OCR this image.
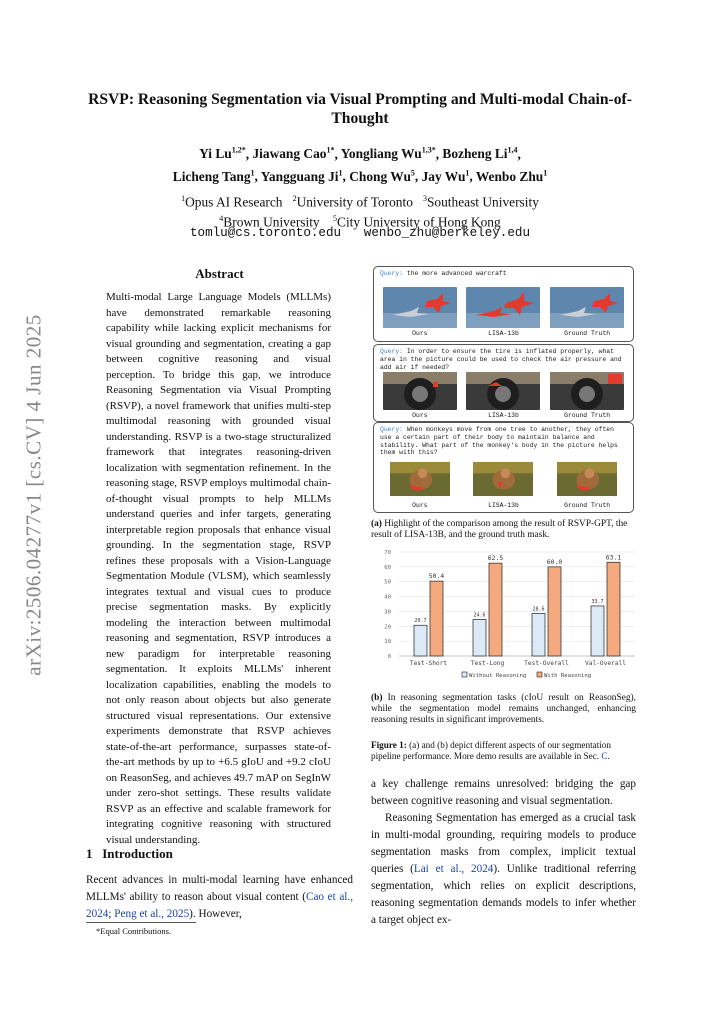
arXiv:2506.04277v1 [cs.CV] 4 Jun 2025
RSVP: Reasoning Segmentation via Visual Prompting and Multi-modal Chain-of-Thought
Yi $Lu^{1,2*}$, Jiawang Cao$^{1*}$, Yongliang $Wu^{1,3*}$, Bozheng Li$^{1,4}$,
Licheng Tang$^1$, Yangguang Ji$^1$, Chong Wu$^5$, Jay Wu$^1$, Wenbo Zhu$^1$
$^1$Opus AI Research $^2$University of Toronto $^3$Southeast University
$^4$Brown University $^5$City University of Hong Kong
tomlu@cs.toronto.edu   wenbo_zhu@berkeley.edu
Abstract
Multi-modal Large Language Models (MLLMs) have demonstrated remarkable reasoning capability while lacking explicit mechanisms for visual grounding and segmentation, creating a gap between cognitive reasoning and visual perception. To bridge this gap, we introduce Reasoning Segmentation via Visual Prompting (RSVP), a novel framework that unifies multi-step multimodal reasoning with grounded visual understanding. RSVP is a two-stage structuralized framework that integrates reasoning-driven localization with segmentation refinement. In the reasoning stage, RSVP employs multimodal chain-of-thought visual prompts to help MLLMs understand queries and infer targets, generating interpretable region proposals that enhance visual grounding. In the segmentation stage, RSVP refines these proposals with a Vision-Language Segmentation Module (VLSM), which seamlessly integrates textual and visual cues to produce precise segmentation masks. By explicitly modeling the interaction between multimodal reasoning and segmentation, RSVP introduces a new paradigm for interpretable reasoning segmentation. It exploits MLLMs' inherent localization capabilities, enabling the models to not only reason about objects but also generate structured visual representations. Our extensive experiments demonstrate that RSVP achieves state-of-the-art performance, surpasses state-of-the-art methods by up to +6.5 gIoU and +9.2 cIoU on ReasonSeg, and achieves 49.7 mAP on SegInW under zero-shot settings. These results validate RSVP as an effective and scalable framework for integrating cognitive reasoning with structured visual understanding.
1   Introduction
Recent advances in multi-modal learning have enhanced MLLMs' ability to reason about visual content (Cao et al., 2024; Peng et al., 2025). However,
*Equal Contributions.
Query: the more advanced warcraft
Ours	LISA-13b	Ground Truth
Query: In order to ensure the tire is inflated properly, what area in the picture could be used to check the air pressure and add air if needed?
Ours	LISA-13b	Ground Truth
Query: When monkeys move from one tree to another, they often use a certain part of their body to maintain balance and stability. What part of the monkey's body in the picture helps them with this?
Ours	LISA-13b	Ground Truth
(a) Highlight of the comparison among the result of RSVP-GPT, the result of LISA-13B, and the ground truth mask.
0
10
20
30
40
50
60
70
20.7
50.4
Test-Short
24.6
62.5
Test-Long
28.6
60.0
Test-Overall
33.7
63.1
Val-Overall
Without Reasoning	With Reasoning
(b) In reasoning segmentation tasks (cIoU result on ReasonSeg), while the segmentation model remains unchanged, enhancing reasoning results in significant improvements.
Figure 1: (a) and (b) depict different aspects of our segmentation pipeline performance. More demo results are available in Sec. C.
a key challenge remains unresolved: bridging the gap between cognitive reasoning and visual segmentation.
Reasoning Segmentation has emerged as a crucial task in multi-modal grounding, requiring models to produce segmentation masks from complex, implicit textual queries (Lai et al., 2024). Unlike traditional referring segmentation, which relies on explicit descriptions, reasoning segmentation demands models to infer whether a target object ex-
